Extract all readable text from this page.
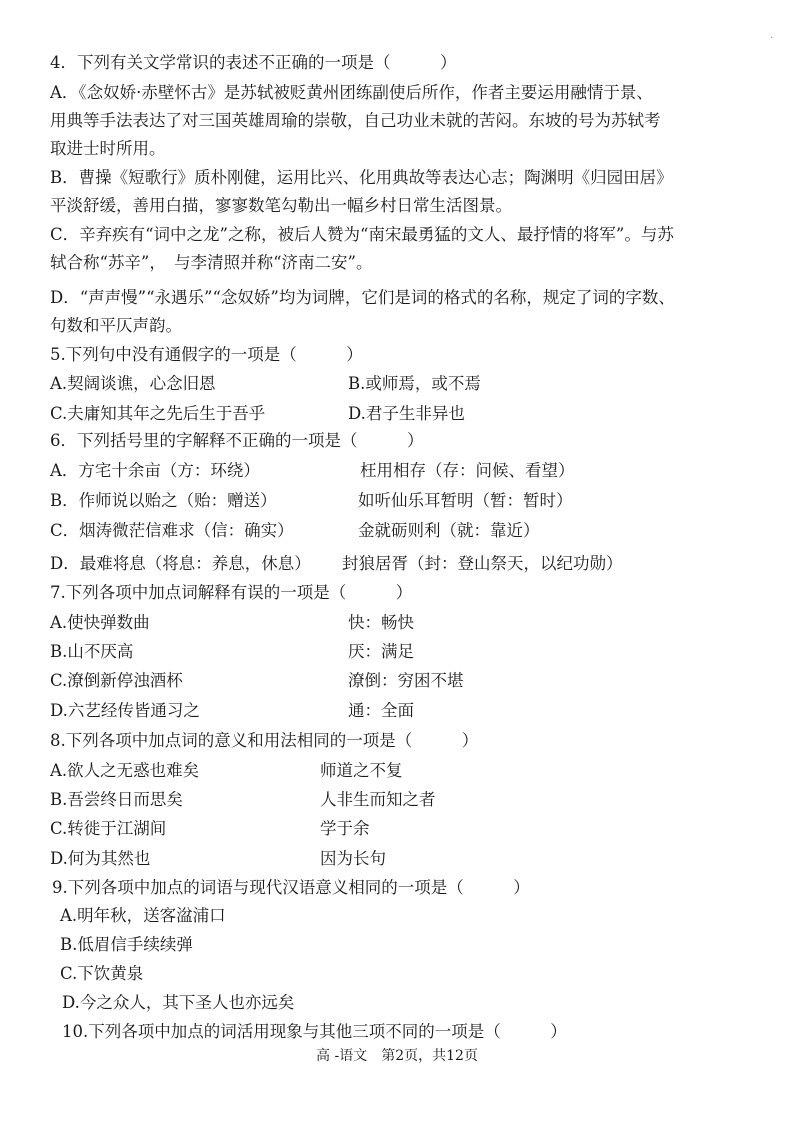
.
4．下列有关文学常识的表述不正确的一项是（　　　）
A．《念奴娇·赤壁怀古》是苏轼被贬黄州团练副使后所作，作者主要运用融情于景、
用典等手法表达了对三国英雄周瑜的崇敬，自己功业未就的苦闷。东坡的号为苏轼考
取进士时所用。
B．曹操《短歌行》质朴刚健，运用比兴、化用典故等表达心志；陶渊明《归园田居》
平淡舒缓，善用白描，寥寥数笔勾勒出一幅乡村日常生活图景。
C．辛弃疾有“词中之龙”之称，被后人赞为“南宋最勇猛的文人、最抒情的将军”。与苏
轼合称“苏辛”，　与李清照并称“济南二安”。
D．“声声慢”“永遇乐”“念奴娇”均为词牌，它们是词的格式的名称，规定了词的字数、
句数和平仄声韵。
5.下列句中没有通假字的一项是（　　　）
A.契阔谈谯，心念旧恩	B.或师焉，或不焉
C.夫庸知其年之先后生于吾乎	D.君子生非异也
6．下列括号里的字解释不正确的一项是（　　　）
A．方宅十余亩（方：环绕）	枉用相存（存：问候、看望）
B．作师说以贻之（贻：赠送）	如听仙乐耳暂明（暂：暂时）
C．烟涛微茫信难求（信：确实）	金就砺则利（就：靠近）
D．最难将息（将息：养息，休息） 封狼居胥（封：登山祭天，以纪功勋）
7.下列各项中加点词解释有误的一项是（　　　）
A.使快弹数曲	快：畅快
B.山不厌高	厌：满足
C.潦倒新停浊酒杯	潦倒：穷困不堪
D.六艺经传皆通习之	通：全面
8.下列各项中加点词的意义和用法相同的一项是（　　　）
A.欲人之无惑也难矣	师道之不复
B.吾尝终日而思矣	人非生而知之者
C.转徙于江湖间	学于余
D.何为其然也	因为长句
9.下列各项中加点的词语与现代汉语意义相同的一项是（　　　）
A.明年秋，送客湓浦口
B.低眉信手续续弹
C.下饮黄泉
D.今之众人，其下圣人也亦远矣
10.下列各项中加点的词活用现象与其他三项不同的一项是（　　　）
高 -语文　第2页，共12页
